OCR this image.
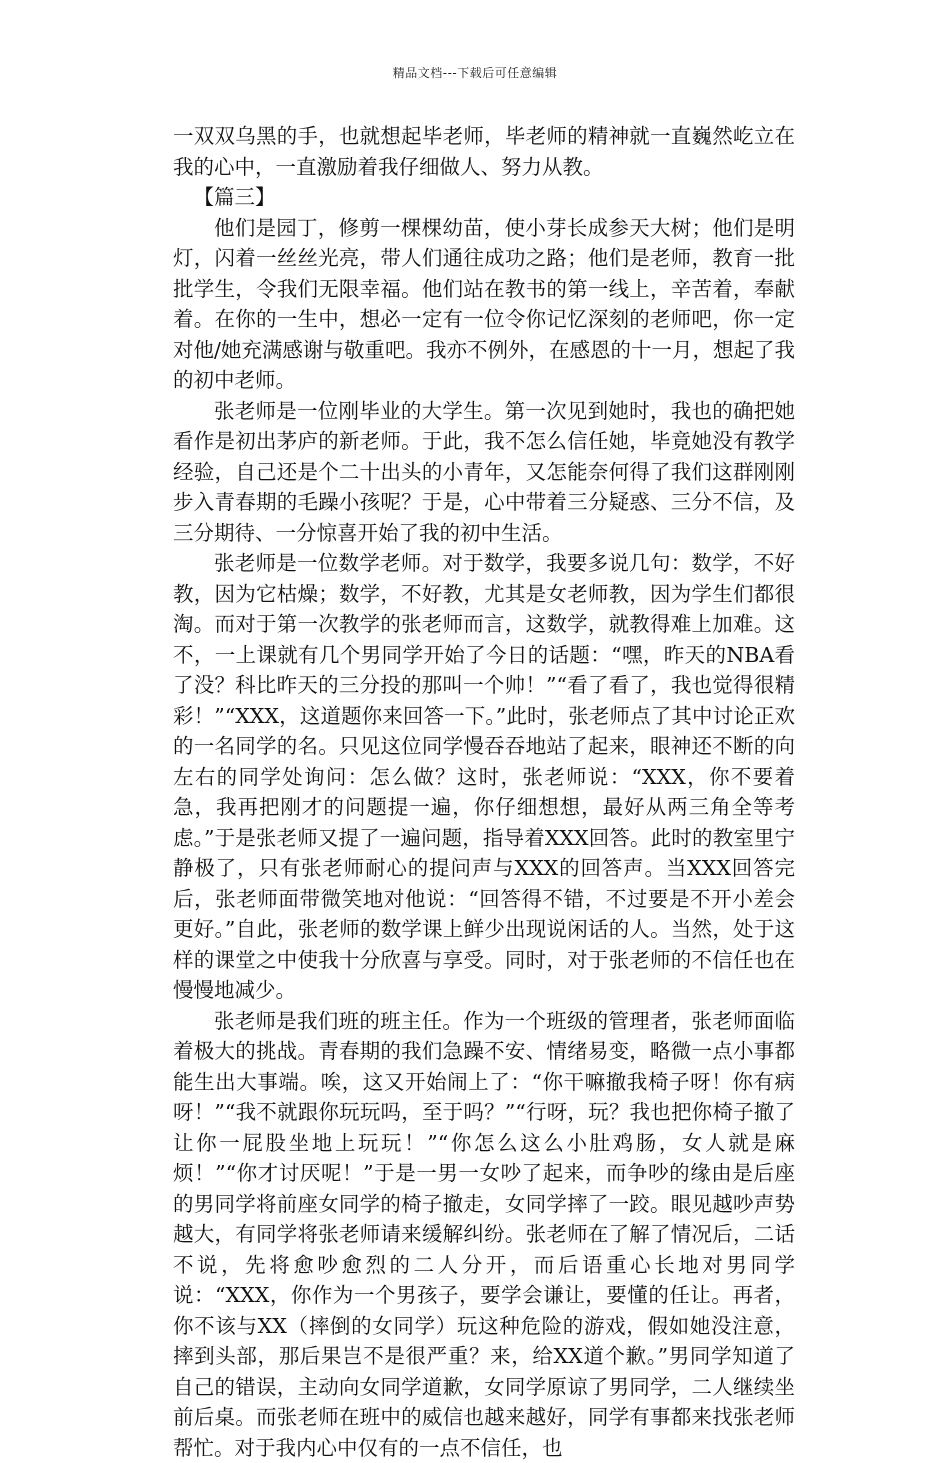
精品文档---下载后可任意编辑

一双双乌黑的手，也就想起毕老师，毕老师的精神就一直巍然屹立在我的心中，一直激励着我仔细做人、努力从教。

【篇三】

他们是园丁，修剪一棵棵幼苗，使小芽长成参天大树；他们是明灯，闪着一丝丝光亮，带人们通往成功之路；他们是老师，教育一批批学生，令我们无限幸福。他们站在教书的第一线上，辛苦着，奉献着。在你的一生中，想必一定有一位令你记忆深刻的老师吧，你一定对他/她充满感谢与敬重吧。我亦不例外，在感恩的十一月，想起了我的初中老师。

张老师是一位刚毕业的大学生。第一次见到她时，我也的确把她看作是初出茅庐的新老师。于此，我不怎么信任她，毕竟她没有教学经验，自己还是个二十出头的小青年，又怎能奈何得了我们这群刚刚步入青春期的毛躁小孩呢？于是，心中带着三分疑惑、三分不信，及三分期待、一分惊喜开始了我的初中生活。

张老师是一位数学老师。对于数学，我要多说几句：数学，不好教，因为它枯燥；数学，不好教，尤其是女老师教，因为学生们都很淘。而对于第一次教学的张老师而言，这数学，就教得难上加难。这不，一上课就有几个男同学开始了今日的话题：“嘿，昨天的NBA看了没？科比昨天的三分投的那叫一个帅！”“看了看了，我也觉得很精彩！”“XXX，这道题你来回答一下。”此时，张老师点了其中讨论正欢的一名同学的名。只见这位同学慢吞吞地站了起来，眼神还不断的向左右的同学处询问：怎么做？这时，张老师说：“XXX，你不要着急，我再把刚才的问题提一遍，你仔细想想，最好从两三角全等考虑。”于是张老师又提了一遍问题，指导着XXX回答。此时的教室里宁静极了，只有张老师耐心的提问声与XXX的回答声。当XXX回答完后，张老师面带微笑地对他说：“回答得不错，不过要是不开小差会更好。”自此，张老师的数学课上鲜少出现说闲话的人。当然，处于这样的课堂之中使我十分欣喜与享受。同时，对于张老师的不信任也在慢慢地减少。

张老师是我们班的班主任。作为一个班级的管理者，张老师面临着极大的挑战。青春期的我们急躁不安、情绪易变，略微一点小事都能生出大事端。唉，这又开始闹上了：“你干嘛撤我椅子呀！你有病呀！”“我不就跟你玩玩吗，至于吗？”“行呀，玩？我也把你椅子撤了让你一屁股坐地上玩玩！”“你怎么这么小肚鸡肠，女人就是麻烦！”“你才讨厌呢！”于是一男一女吵了起来，而争吵的缘由是后座的男同学将前座女同学的椅子撤走，女同学摔了一跤。眼见越吵声势越大，有同学将张老师请来缓解纠纷。张老师在了解了情况后，二话不说，先将愈吵愈烈的二人分开，而后语重心长地对男同学说：“XXX，你作为一个男孩子，要学会谦让，要懂的任让。再者，你不该与XX（摔倒的女同学）玩这种危险的游戏，假如她没注意，摔到头部，那后果岂不是很严重？来，给XX道个歉。”男同学知道了自己的错误，主动向女同学道歉，女同学原谅了男同学，二人继续坐前后桌。而张老师在班中的威信也越来越好，同学有事都来找张老师帮忙。对于我内心中仅有的一点不信任，也
